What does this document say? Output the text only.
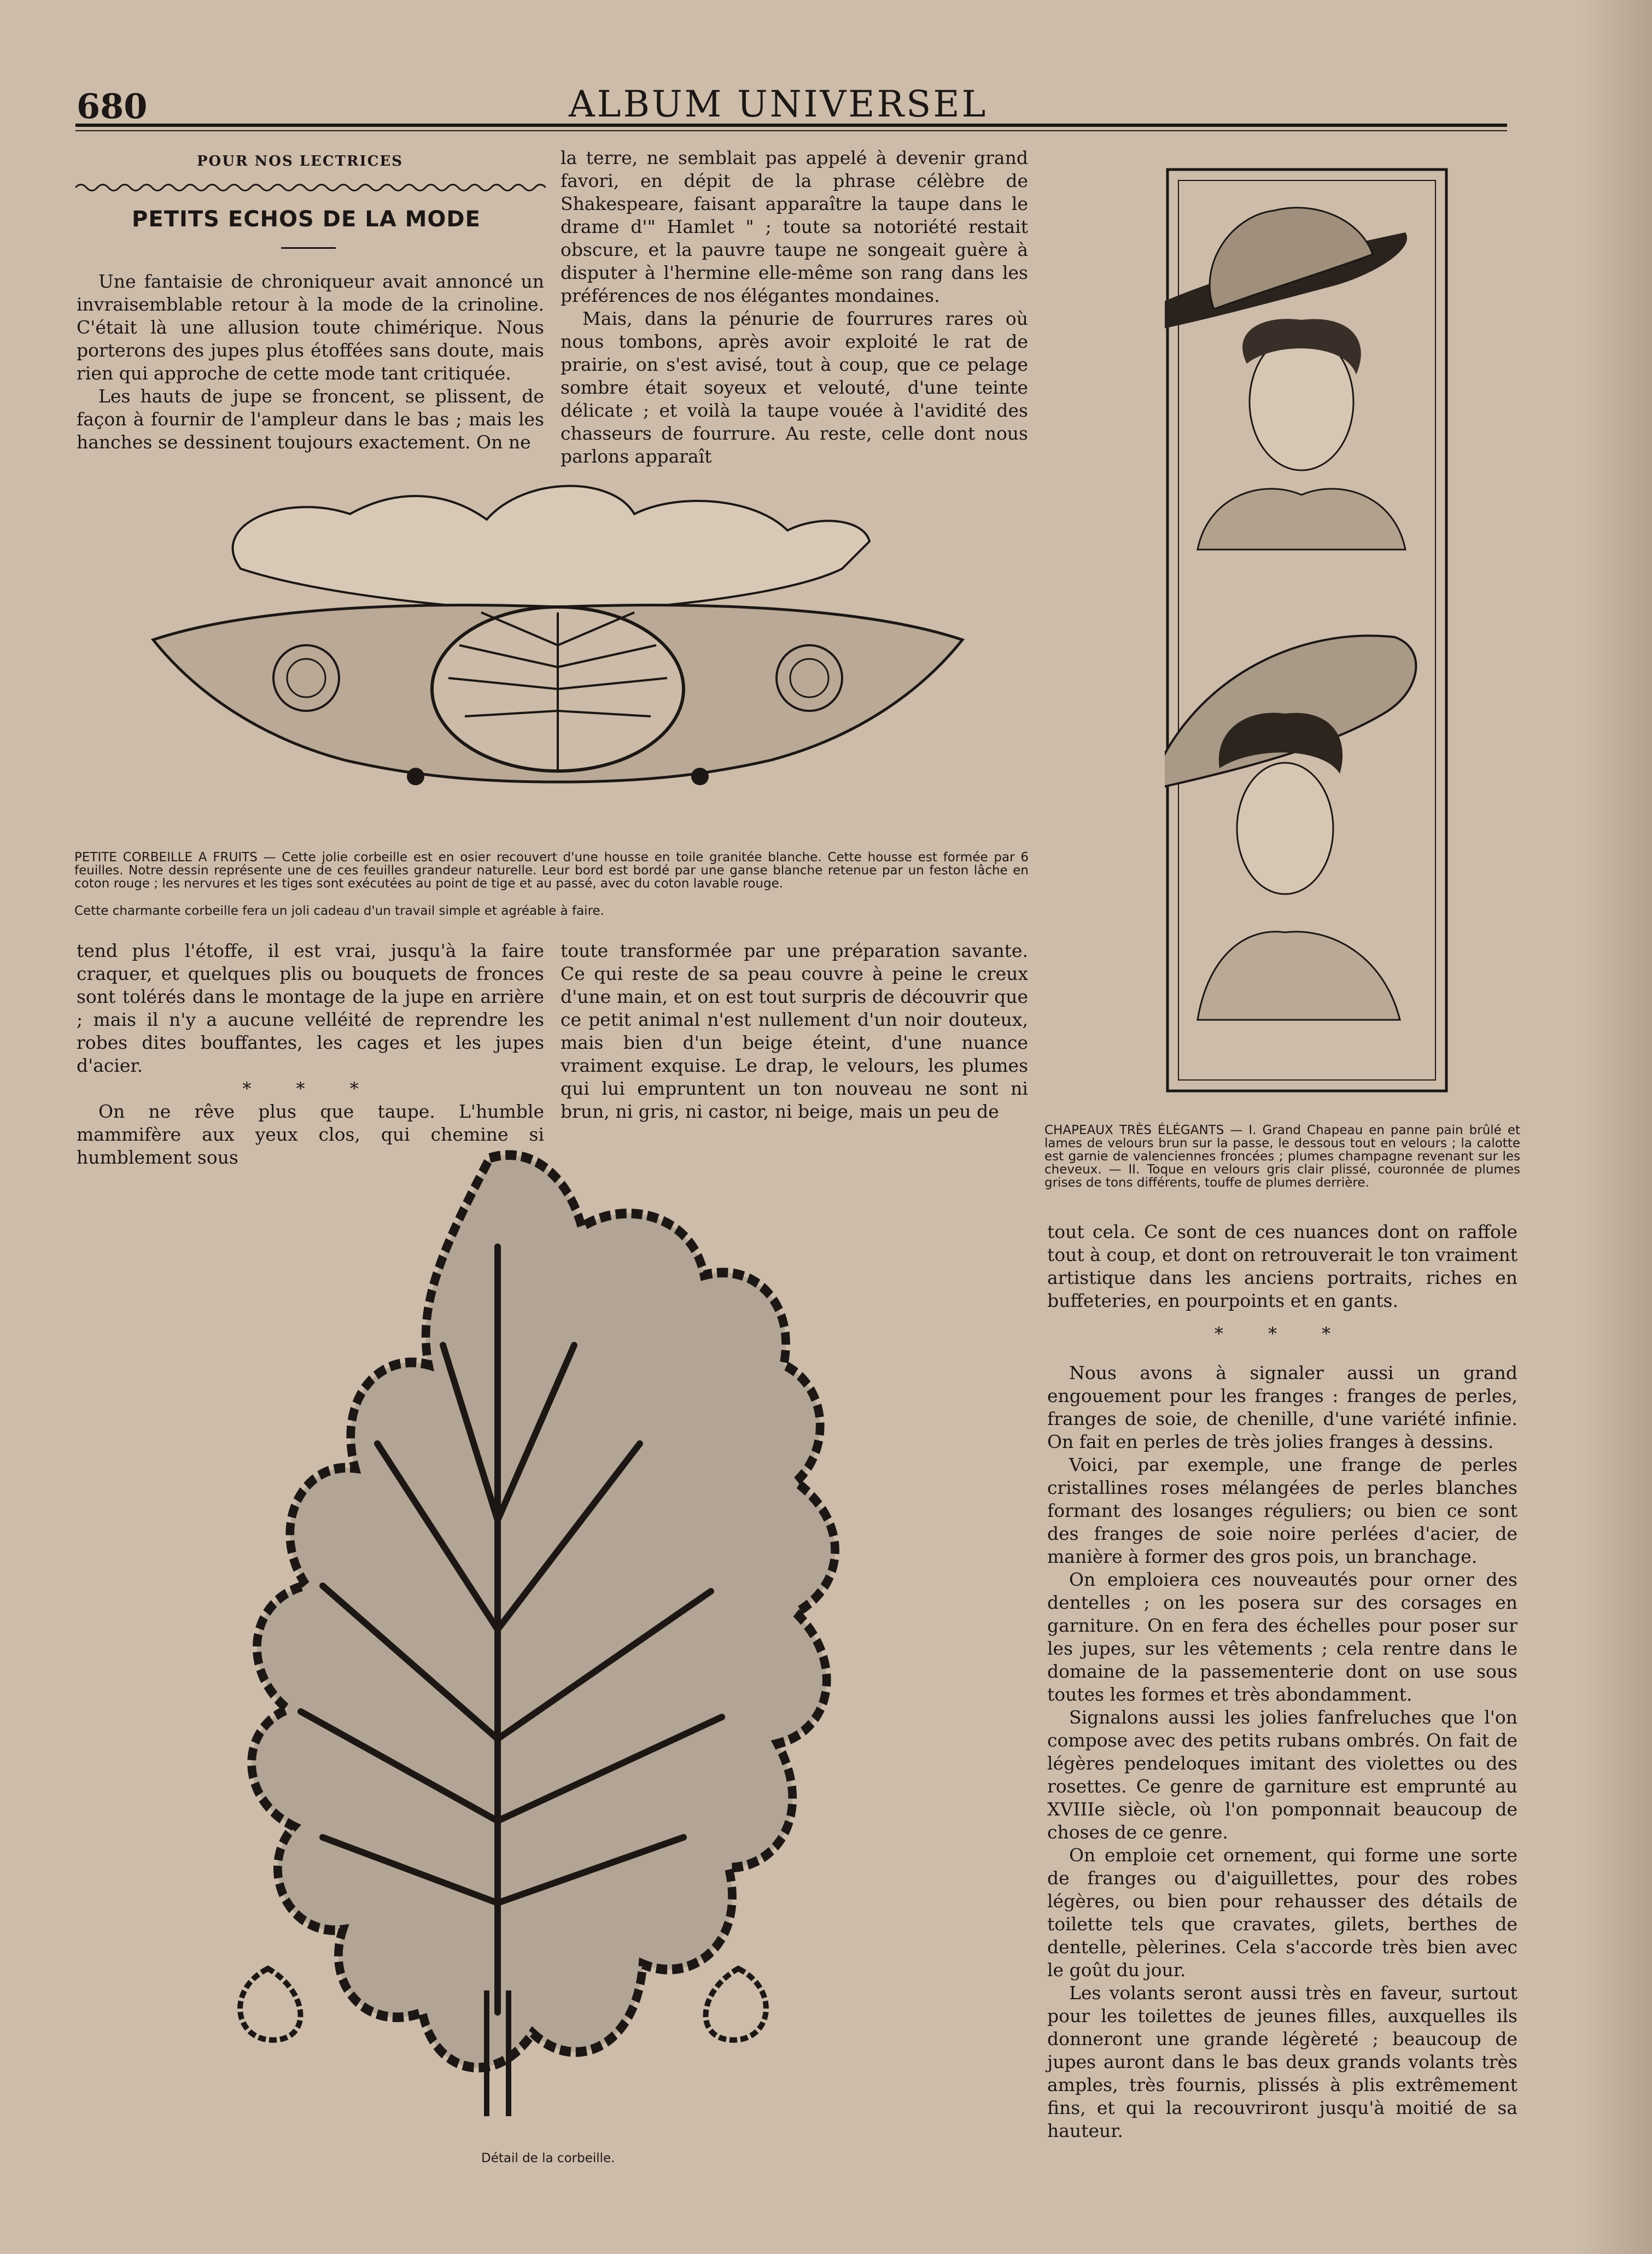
680	ALBUM UNIVERSEL
POUR NOS LECTRICES
PETITS ECHOS DE LA MODE

Une fantaisie de chroniqueur avait annoncé un invraisemblable retour à la mode de la crinoline. C'était là une allusion toute chimérique. Nous porterons des jupes plus étoffées sans doute, mais rien qui approche de cette mode tant critiquée.

Les hauts de jupe se froncent, se plissent, de façon à fournir de l'ampleur dans le bas ; mais les hanches se dessinent toujours exactement. On ne

la terre, ne semblait pas appelé à devenir grand favori, en dépit de la phrase célèbre de Shakespeare, faisant apparaître la taupe dans le drame d'" Hamlet " ; toute sa notoriété restait obscure, et la pauvre taupe ne songeait guère à disputer à l'hermine elle-même son rang dans les préférences de nos élégantes mondaines.

Mais, dans la pénurie de fourrures rares où nous tombons, après avoir exploité le rat de prairie, on s'est avisé, tout à coup, que ce pelage sombre était soyeux et velouté, d'une teinte délicate ; et voilà la taupe vouée à l'avidité des chasseurs de fourrure. Au reste, celle dont nous parlons apparaît

PETITE CORBEILLE A FRUITS — Cette jolie corbeille est en osier recouvert d'une housse en toile granitée blanche. Cette housse est formée par 6 feuilles. Notre dessin représente une de ces feuilles grandeur naturelle. Leur bord est bordé par une ganse blanche retenue par un feston lâche en coton rouge ; les nervures et les tiges sont exécutées au point de tige et au passé, avec du coton lavable rouge.
Cette charmante corbeille fera un joli cadeau d'un travail simple et agréable à faire.

tend plus l'étoffe, il est vrai, jusqu'à la faire craquer, et quelques plis ou bouquets de fronces sont tolérés dans le montage de la jupe en arrière ; mais il n'y a aucune velléité de reprendre les robes dites bouffantes, les cages et les jupes d'acier.

* * *

On ne rêve plus que taupe. L'humble mammifère aux yeux clos, qui chemine si humblement sous

toute transformée par une préparation savante. Ce qui reste de sa peau couvre à peine le creux d'une main, et on est tout surpris de découvrir que ce petit animal n'est nullement d'un noir douteux, mais bien d'un beige éteint, d'une nuance vraiment exquise. Le drap, le velours, les plumes qui lui empruntent un ton nouveau ne sont ni brun, ni gris, ni castor, ni beige, mais un peu de

CHAPEAUX TRÈS ÉLÉGANTS — I. Grand Chapeau en panne pain brûlé et lames de velours brun sur la passe, le dessous tout en velours ; la calotte est garnie de valenciennes froncées ; plumes champagne revenant sur les cheveux. — II. Toque en velours gris clair plissé, couronnée de plumes grises de tons différents, touffe de plumes derrière.
Détail de la corbeille.

tout cela. Ce sont de ces nuances dont on raffole tout à coup, et dont on retrouverait le ton vraiment artistique dans les anciens portraits, riches en buffeteries, en pourpoints et en gants.

* * *

Nous avons à signaler aussi un grand engouement pour les franges : franges de perles, franges de soie, de chenille, d'une variété infinie. On fait en perles de très jolies franges à dessins.

Voici, par exemple, une frange de perles cristallines roses mélangées de perles blanches formant des losanges réguliers; ou bien ce sont des franges de soie noire perlées d'acier, de manière à former des gros pois, un branchage.

On emploiera ces nouveautés pour orner des dentelles ; on les posera sur des corsages en garniture. On en fera des échelles pour poser sur les jupes, sur les vêtements ; cela rentre dans le domaine de la passementerie dont on use sous toutes les formes et très abondamment.

Signalons aussi les jolies fanfreluches que l'on compose avec des petits rubans ombrés. On fait de légères pendeloques imitant des violettes ou des rosettes. Ce genre de garniture est emprunté au XVIIIe siècle, où l'on pomponnait beaucoup de choses de ce genre.

On emploie cet ornement, qui forme une sorte de franges ou d'aiguillettes, pour des robes légères, ou bien pour rehausser des détails de toilette tels que cravates, gilets, berthes de dentelle, pèlerines. Cela s'accorde très bien avec le goût du jour.

Les volants seront aussi très en faveur, surtout pour les toilettes de jeunes filles, auxquelles ils donneront une grande légèreté ; beaucoup de jupes auront dans le bas deux grands volants très amples, très fournis, plissés à plis extrêmement fins, et qui la recouvriront jusqu'à moitié de sa hauteur.
